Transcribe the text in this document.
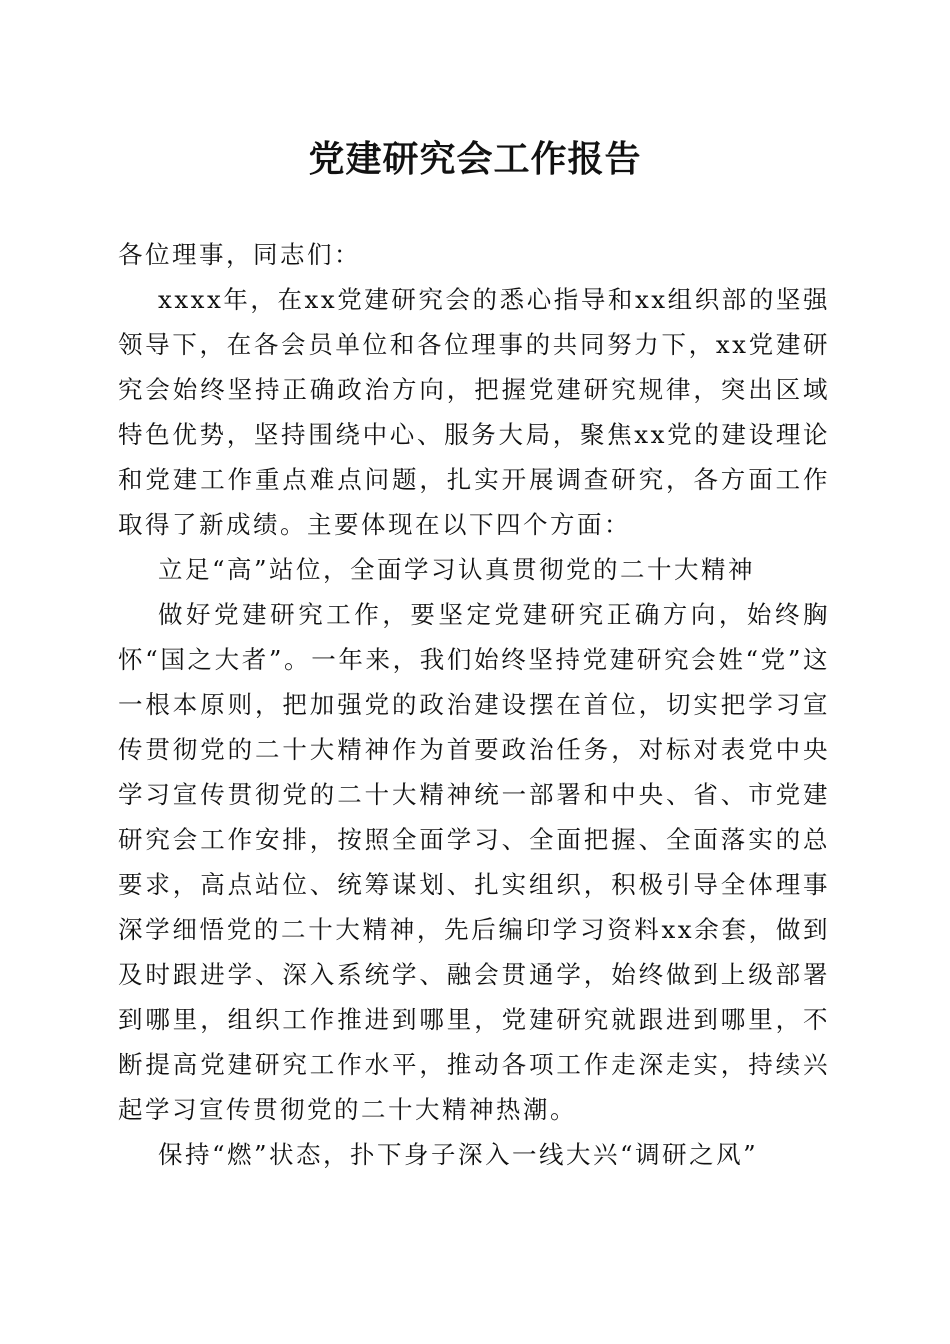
党建研究会工作报告

各位理事，同志们：

xxxx年，在xx党建研究会的悉心指导和xx组织部的坚强领导下，在各会员单位和各位理事的共同努力下，xx党建研究会始终坚持正确政治方向，把握党建研究规律，突出区域特色优势，坚持围绕中心、服务大局，聚焦xx党的建设理论和党建工作重点难点问题，扎实开展调查研究，各方面工作取得了新成绩。主要体现在以下四个方面：

立足“高”站位，全面学习认真贯彻党的二十大精神

做好党建研究工作，要坚定党建研究正确方向，始终胸怀“国之大者”。一年来，我们始终坚持党建研究会姓“党”这一根本原则，把加强党的政治建设摆在首位，切实把学习宣传贯彻党的二十大精神作为首要政治任务，对标对表党中央学习宣传贯彻党的二十大精神统一部署和中央、省、市党建研究会工作安排，按照全面学习、全面把握、全面落实的总要求，高点站位、统筹谋划、扎实组织，积极引导全体理事深学细悟党的二十大精神，先后编印学习资料xx余套，做到及时跟进学、深入系统学、融会贯通学，始终做到上级部署到哪里，组织工作推进到哪里，党建研究就跟进到哪里，不断提高党建研究工作水平，推动各项工作走深走实，持续兴起学习宣传贯彻党的二十大精神热潮。

保持“燃”状态，扑下身子深入一线大兴“调研之风”
